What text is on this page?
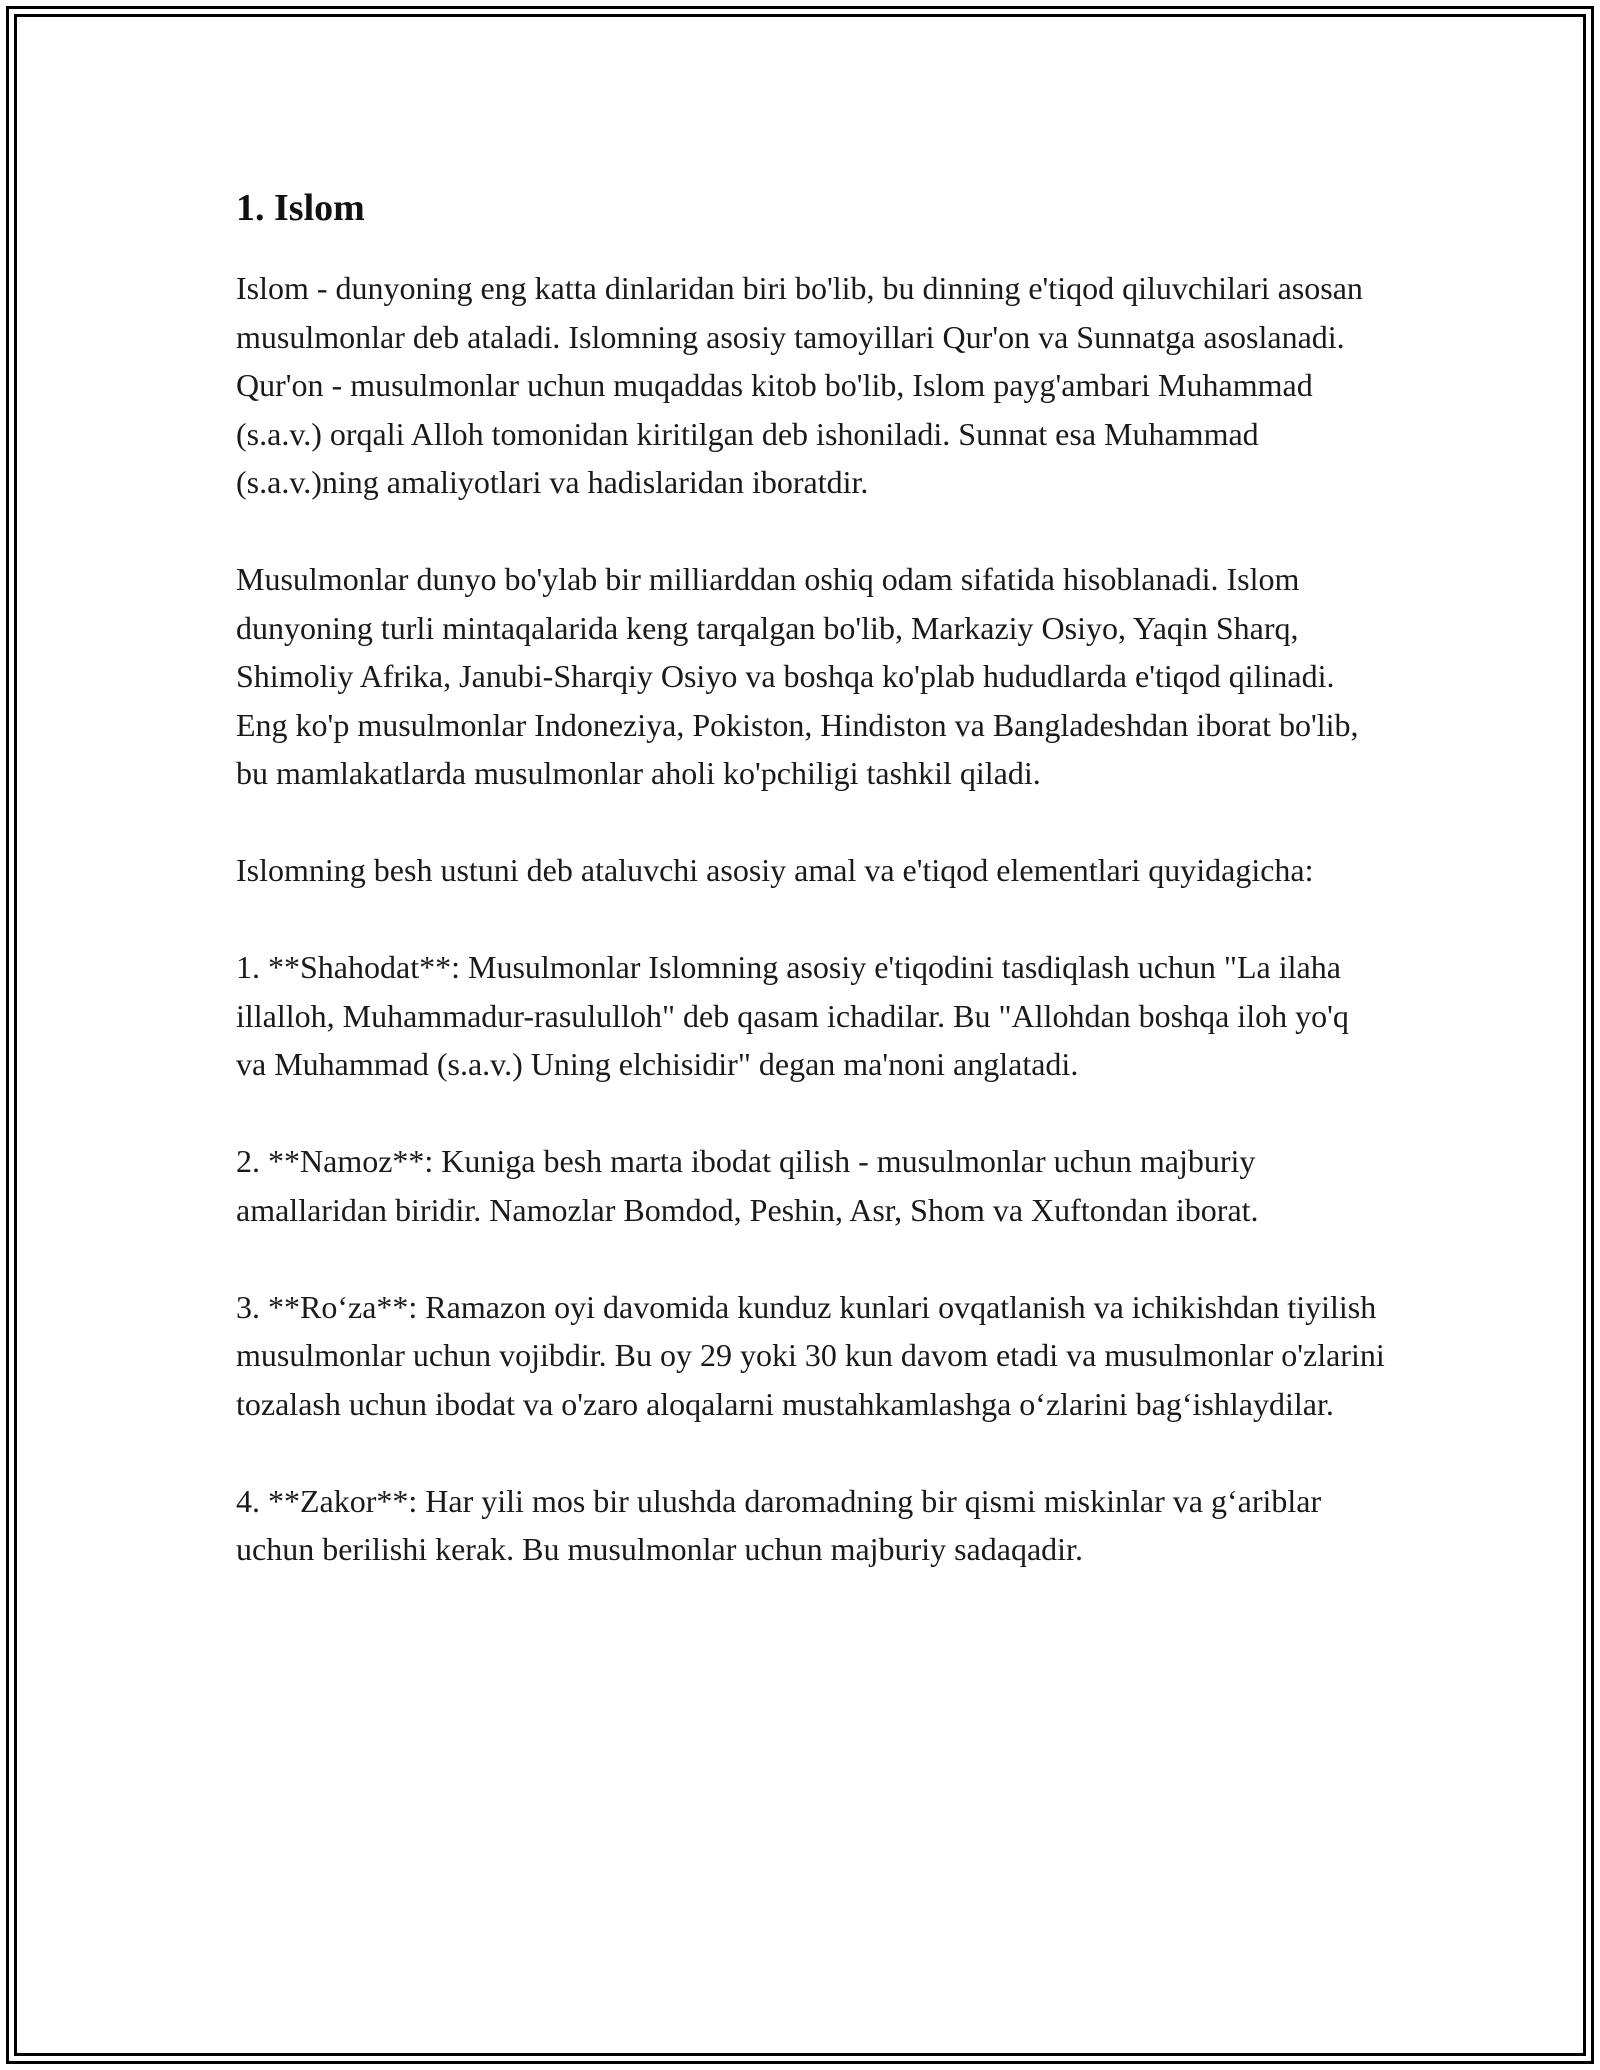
1. Islom

Islom - dunyoning eng katta dinlaridan biri bo'lib, bu dinning e'tiqod qiluvchilari asosan musulmonlar deb ataladi. Islomning asosiy tamoyillari Qur'on va Sunnatga asoslanadi. Qur'on - musulmonlar uchun muqaddas kitob bo'lib, Islom payg'ambari Muhammad (s.a.v.) orqali Alloh tomonidan kiritilgan deb ishoniladi. Sunnat esa Muhammad (s.a.v.)ning amaliyotlari va hadislaridan iboratdir.

Musulmonlar dunyo bo'ylab bir milliarddan oshiq odam sifatida hisoblanadi. Islom dunyoning turli mintaqalarida keng tarqalgan bo'lib, Markaziy Osiyo, Yaqin Sharq, Shimoliy Afrika, Janubi-Sharqiy Osiyo va boshqa ko'plab hududlarda e'tiqod qilinadi. Eng ko'p musulmonlar Indoneziya, Pokiston, Hindiston va Bangladeshdan iborat bo'lib, bu mamlakatlarda musulmonlar aholi ko'pchiligi tashkil qiladi.

Islomning besh ustuni deb ataluvchi asosiy amal va e'tiqod elementlari quyidagicha:

1. **Shahodat**: Musulmonlar Islomning asosiy e'tiqodini tasdiqlash uchun "La ilaha illalloh, Muhammadur-rasululloh" deb qasam ichadilar. Bu "Allohdan boshqa iloh yo'q va Muhammad (s.a.v.) Uning elchisidir" degan ma'noni anglatadi.

2. **Namoz**: Kuniga besh marta ibodat qilish - musulmonlar uchun majburiy amallaridan biridir. Namozlar Bomdod, Peshin, Asr, Shom va Xuftondan iborat.

3. **Ro‘za**: Ramazon oyi davomida kunduz kunlari ovqatlanish va ichikishdan tiyilish musulmonlar uchun vojibdir. Bu oy 29 yoki 30 kun davom etadi va musulmonlar o'zlarini tozalash uchun ibodat va o'zaro aloqalarni mustahkamlashga o‘zlarini bag‘ishlaydilar.

4. **Zakor**: Har yili mos bir ulushda daromadning bir qismi miskinlar va g‘ariblar uchun berilishi kerak. Bu musulmonlar uchun majburiy sadaqadir.
